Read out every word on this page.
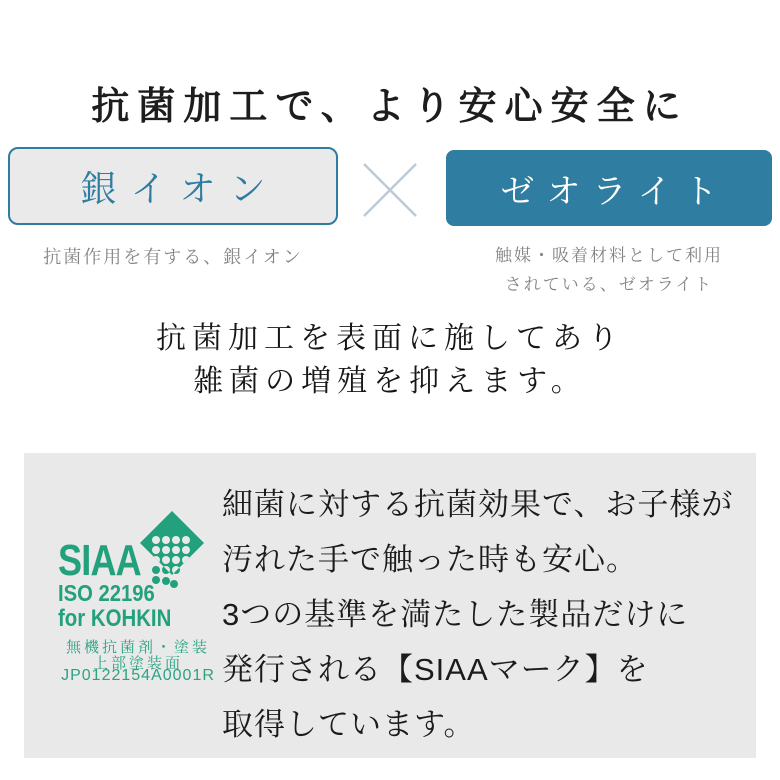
抗菌加工で、より安心安全に
銀イオン	ゼオライト
抗菌作用を有する、銀イオン	触媒・吸着材料として利用
されている、ゼオライト
抗菌加工を表面に施してあり
雑菌の増殖を抑えます。
SIAA
ISO 22196
for KOHKIN
無機抗菌剤・塗装
上部塗装面
JP0122154A0001R
細菌に対する抗菌効果で、お子様が
汚れた手で触った時も安心。
3つの基準を満たした製品だけに
発行される【SIAAマーク】を
取得しています。
